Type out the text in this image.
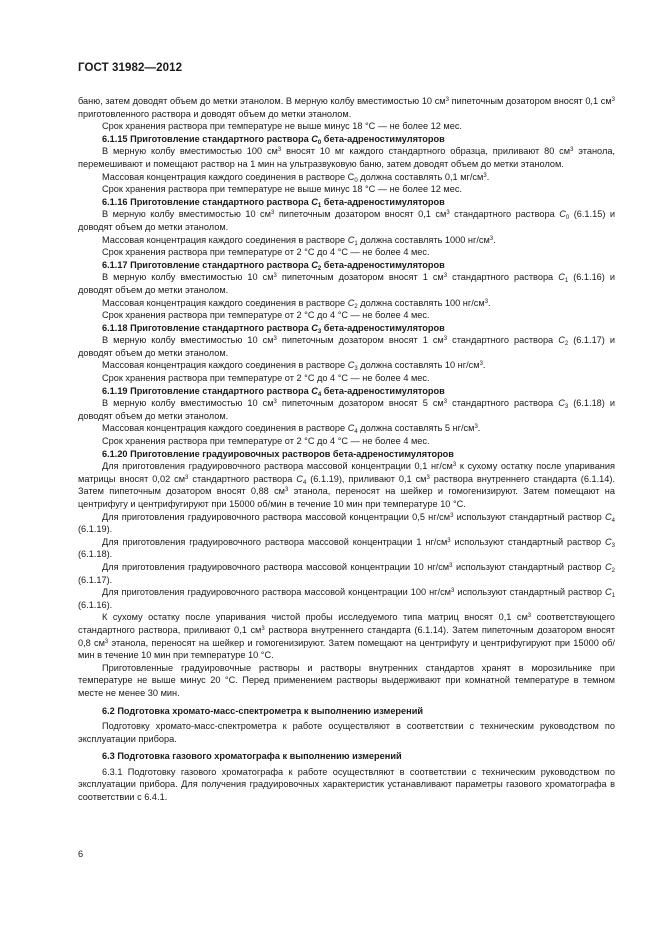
ГОСТ 31982—2012

баню, затем доводят объем до метки этанолом. В мерную колбу вместимостью 10 $см^3$ пипеточным дозатором вносят 0,1 $см^3$ приготовленного раствора и доводят объем до метки этанолом.

Срок хранения раствора при температуре не выше минус 18 °С — не более 12 мес.

6.1.15 Приготовление стандартного раствора $С_0$ бета-адреностимуляторов

В мерную колбу вместимостью 100 $см^3$ вносят 10 мг каждого стандартного образца, приливают 80 $см^3$ этанола, перемешивают и помещают раствор на 1 мин на ультразвуковую баню, затем доводят объем до метки этанолом.

Массовая концентрация каждого соединения в растворе $С_0$ должна составлять 0,1 $мг/см^3$.

Срок хранения раствора при температуре не выше минус 18 °С — не более 12 мес.

6.1.16 Приготовление стандартного раствора $С_1$ бета-адреностимуляторов

В мерную колбу вместимостью 10 $см^3$ пипеточным дозатором вносят 0,1 $см^3$ стандартного раствора $С_0$ (6.1.15) и доводят объем до метки этанолом.

Массовая концентрация каждого соединения в растворе $С_1$ должна составлять 1000 $нг/см^3$.

Срок хранения раствора при температуре от 2 °С до 4 °С — не более 4 мес.

6.1.17 Приготовление стандартного раствора $С_2$ бета-адреностимуляторов

В мерную колбу вместимостью 10 $см^3$ пипеточным дозатором вносят 1 $см^3$ стандартного раствора $С_1$ (6.1.16) и доводят объем до метки этанолом.

Массовая концентрация каждого соединения в растворе $С_2$ должна составлять 100 $нг/см^3$.

Срок хранения раствора при температуре от 2 °С до 4 °С — не более 4 мес.

6.1.18 Приготовление стандартного раствора $С_3$ бета-адреностимуляторов

В мерную колбу вместимостью 10 $см^3$ пипеточным дозатором вносят 1 $см^3$ стандартного раствора $С_2$ (6.1.17) и доводят объем до метки этанолом.

Массовая концентрация каждого соединения в растворе $С_3$ должна составлять 10 $нг/см^3$.

Срок хранения раствора при температуре от 2 °С до 4 °С — не более 4 мес.

6.1.19 Приготовление стандартного раствора $С_4$ бета-адреностимуляторов

В мерную колбу вместимостью 10 $см^3$ пипеточным дозатором вносят 5 $см^3$ стандартного раствора $С_3$ (6.1.18) и доводят объем до метки этанолом.

Массовая концентрация каждого соединения в растворе $С_4$ должна составлять 5 $нг/см^3$.

Срок хранения раствора при температуре от 2 °С до 4 °С — не более 4 мес.

6.1.20 Приготовление градуировочных растворов бета-адреностимуляторов

Для приготовления градуировочного раствора массовой концентрации 0,1 $нг/см^3$ к сухому остатку после упаривания матрицы вносят 0,02 $см^3$ стандартного раствора $С_4$ (6.1.19), приливают 0,1 $см^3$ раствора внутреннего стандарта (6.1.14). Затем пипеточным дозатором вносят 0,88 $см^3$ этанола, переносят на шейкер и гомогенизируют. Затем помещают на центрифугу и центрифугируют при 15000 об/мин в течение 10 мин при температуре 10 °С.

Для приготовления градуировочного раствора массовой концентрации 0,5 $нг/см^3$ используют стандартный раствор $С_4$ (6.1.19).

Для приготовления градуировочного раствора массовой концентрации 1 $нг/см^3$ используют стандартный раствор $С_3$ (6.1.18).

Для приготовления градуировочного раствора массовой концентрации 10 $нг/см^3$ используют стандартный раствор $С_2$ (6.1.17).

Для приготовления градуировочного раствора массовой концентрации 100 $нг/см^3$ используют стандартный раствор $С_1$ (6.1.16).

К сухому остатку после упаривания чистой пробы исследуемого типа матриц вносят 0,1 $см^3$ соответствующего стандартного раствора, приливают 0,1 $см^3$ раствора внутреннего стандарта (6.1.14). Затем пипеточным дозатором вносят 0,8 $см^3$ этанола, переносят на шейкер и гомогенизируют. Затем помещают на центрифугу и центрифугируют при 15000 об/мин в течение 10 мин при температуре 10 °С.

Приготовленные градуировочные растворы и растворы внутренних стандартов хранят в морозильнике при температуре не выше минус 20 °С. Перед применением растворы выдерживают при комнатной температуре в темном месте не менее 30 мин.

6.2 Подготовка хромато-масс-спектрометра к выполнению измерений

Подготовку хромато-масс-спектрометра к работе осуществляют в соответствии с техническим руководством по эксплуатации прибора.

6.3 Подготовка газового хроматографа к выполнению измерений

6.3.1 Подготовку газового хроматографа к работе осуществляют в соответствии с техническим руководством по эксплуатации прибора. Для получения градуировочных характеристик устанавливают параметры газового хроматографа в соответствии с 6.4.1.

6
